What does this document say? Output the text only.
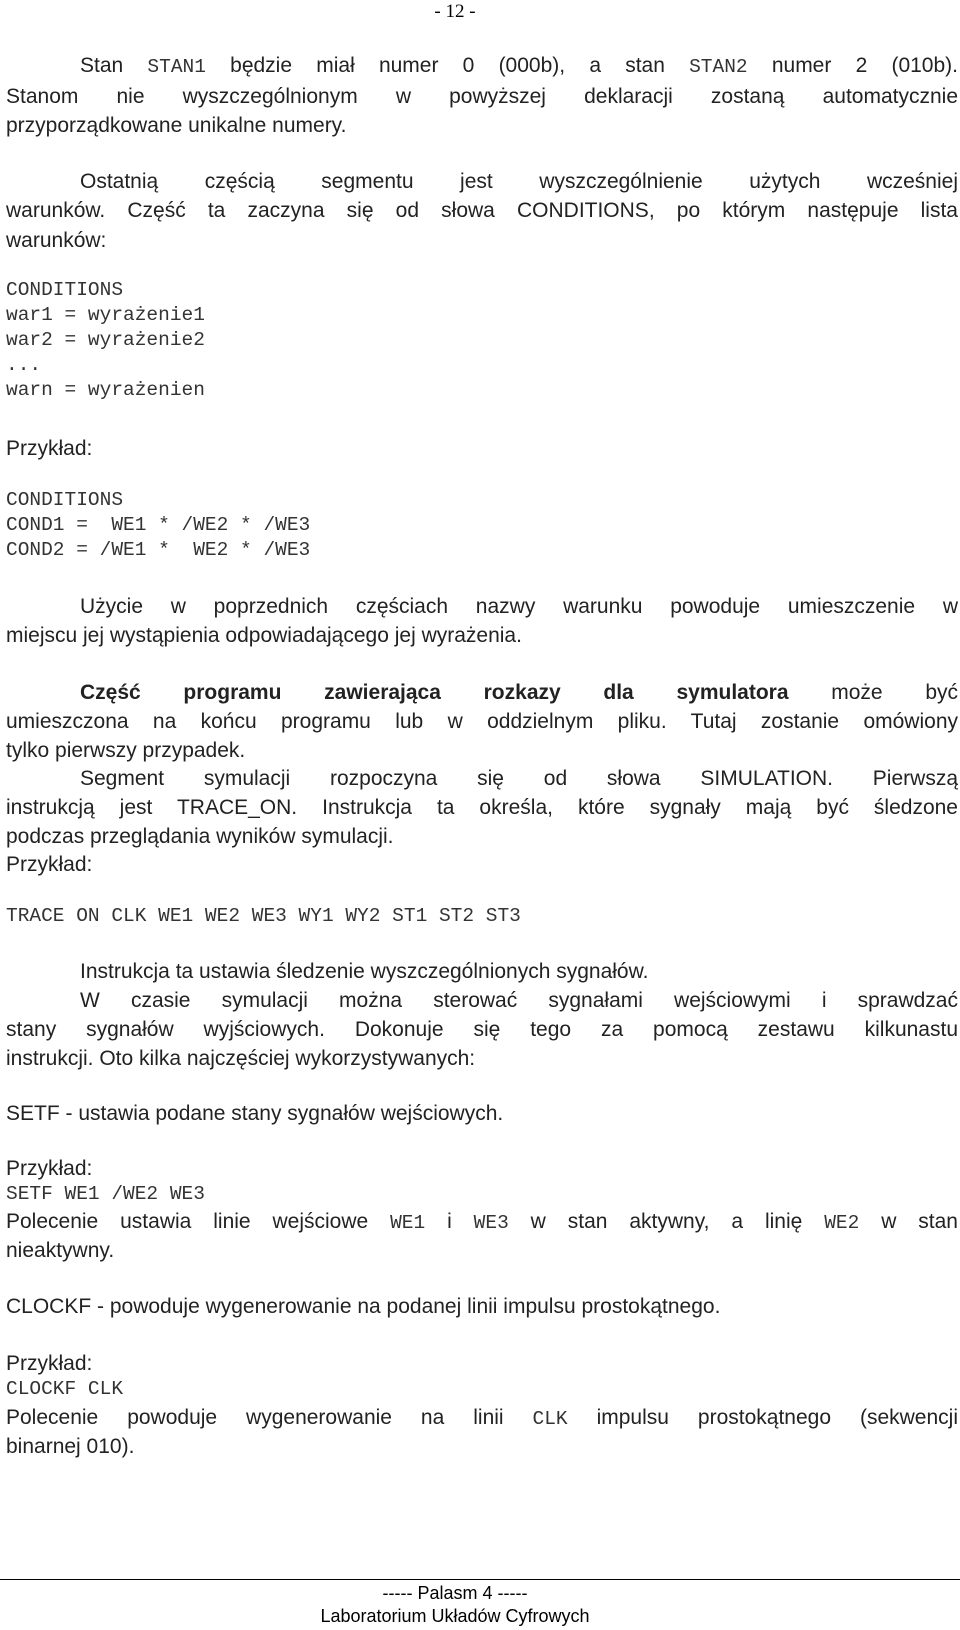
- 12 -
Stan STAN1 będzie miał numer 0 (000b), a stan STAN2 numer 2 (010b).
Stanom nie wyszczególnionym w powyższej deklaracji zostaną automatycznie
przyporządkowane unikalne numery.
Ostatnią częścią segmentu jest wyszczególnienie użytych wcześniej
warunków. Część ta zaczyna się od słowa CONDITIONS, po którym następuje lista
warunków:
CONDITIONS
war1 = wyrażenie1
war2 = wyrażenie2
...
warn = wyrażenien
Przykład:
CONDITIONS
COND1 =  WE1 * /WE2 * /WE3
COND2 = /WE1 *  WE2 * /WE3
Użycie w poprzednich częściach nazwy warunku powoduje umieszczenie w
miejscu jej wystąpienia odpowiadającego jej wyrażenia.
Część programu zawierająca rozkazy dla symulatora może być
umieszczona na końcu programu lub w oddzielnym pliku. Tutaj zostanie omówiony
tylko pierwszy przypadek.
Segment symulacji rozpoczyna się od słowa SIMULATION. Pierwszą
instrukcją jest TRACE_ON. Instrukcja ta określa, które sygnały mają być śledzone
podczas przeglądania wyników symulacji.
Przykład:
TRACE ON CLK WE1 WE2 WE3 WY1 WY2 ST1 ST2 ST3
Instrukcja ta ustawia śledzenie wyszczególnionych sygnałów.
W czasie symulacji można sterować sygnałami wejściowymi i sprawdzać
stany sygnałów wyjściowych. Dokonuje się tego za pomocą zestawu kilkunastu
instrukcji. Oto kilka najczęściej wykorzystywanych:
SETF - ustawia podane stany sygnałów wejściowych.
Przykład:
SETF WE1 /WE2 WE3
Polecenie ustawia linie wejściowe WE1 i WE3 w stan aktywny, a linię WE2 w stan
nieaktywny.
CLOCKF - powoduje wygenerowanie na podanej linii impulsu prostokątnego.
Przykład:
CLOCKF CLK
Polecenie powoduje wygenerowanie na linii CLK impulsu prostokątnego (sekwencji
binarnej 010).
----- Palasm 4 -----
Laboratorium Układów Cyfrowych
